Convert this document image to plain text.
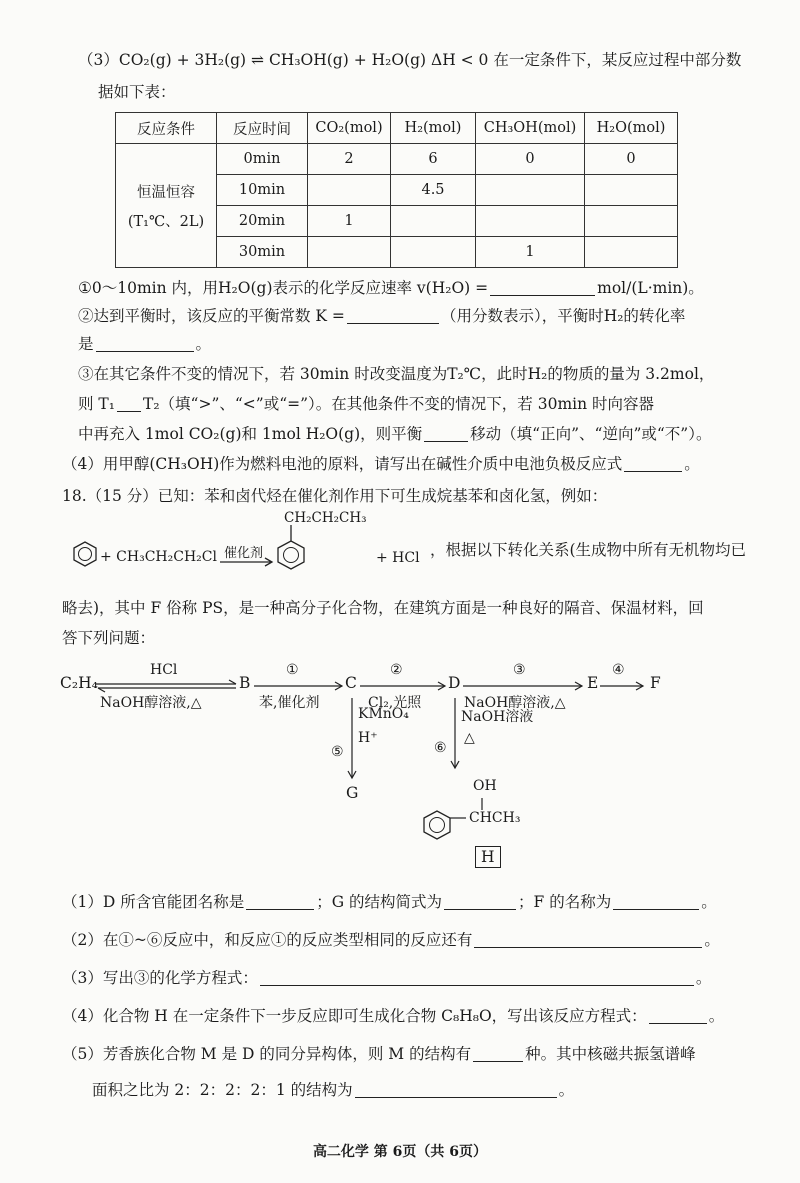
（3）CO₂(g) + 3H₂(g) ⇌ CH₃OH(g) + H₂O(g) ΔH < 0 在一定条件下，某反应过程中部分数
据如下表：
反应条件	反应时间	CO₂(mol)	H₂(mol)	CH₃OH(mol)	H₂O(mol)

恒温恒容
(T₁℃、2L)	0min	2	6	0	0
	10min		4.5		
	20min	1			
	30min			1	
①0～10min 内，用H₂O(g)表示的化学反应速率 v(H₂O) =	mol/(L·min)。
②达到平衡时，该反应的平衡常数 K =	（用分数表示），平衡时H₂的转化率
是	。
③在其它条件不变的情况下，若 30min 时改变温度为T₂℃，此时H₂的物质的量为 3.2mol，
则 T₁ T₂（填“>”、“<”或“=”）。在其他条件不变的情况下，若 30min 时向容器
中再充入 1mol CO₂(g)和 1mol H₂O(g)，则平衡	移动（填“正向”、“逆向”或“不”）。
（4）用甲醇(CH₃OH)作为燃料电池的原料，请写出在碱性介质中电池负极反应式	。
18.（15 分）已知：苯和卤代烃在催化剂作用下可生成烷基苯和卤化氢，例如：
+ CH₃CH₂CH₂Cl 催化剂
CH₂CH₂CH₃
+ HCl ，根据以下转化关系(生成物中所有无机物均已
略去)，其中 F 俗称 PS，是一种高分子化合物，在建筑方面是一种良好的隔音、保温材料，回
答下列问题：
C₂H₄
HCl
NaOH醇溶液,△
B
①
苯,催化剂
C
②
Cl₂,光照
D
③
NaOH醇溶液,△
E
④
F
⑤
KMnO₄
H⁺
G
⑥
NaOH溶液
△
OH
CHCH₃
H
（1）D 所含官能团名称是	；G 的结构简式为	；F 的名称为	。
（2）在①~⑥反应中，和反应①的反应类型相同的反应还有	。
（3）写出③的化学方程式：	。
（4）化合物 H 在一定条件下一步反应即可生成化合物 C₈H₈O，写出该反应方程式：	。
（5）芳香族化合物 M 是 D 的同分异构体，则 M 的结构有	种。其中核磁共振氢谱峰
面积之比为 2：2：2：2：1 的结构为	。
高二化学 第 6页（共 6页）
